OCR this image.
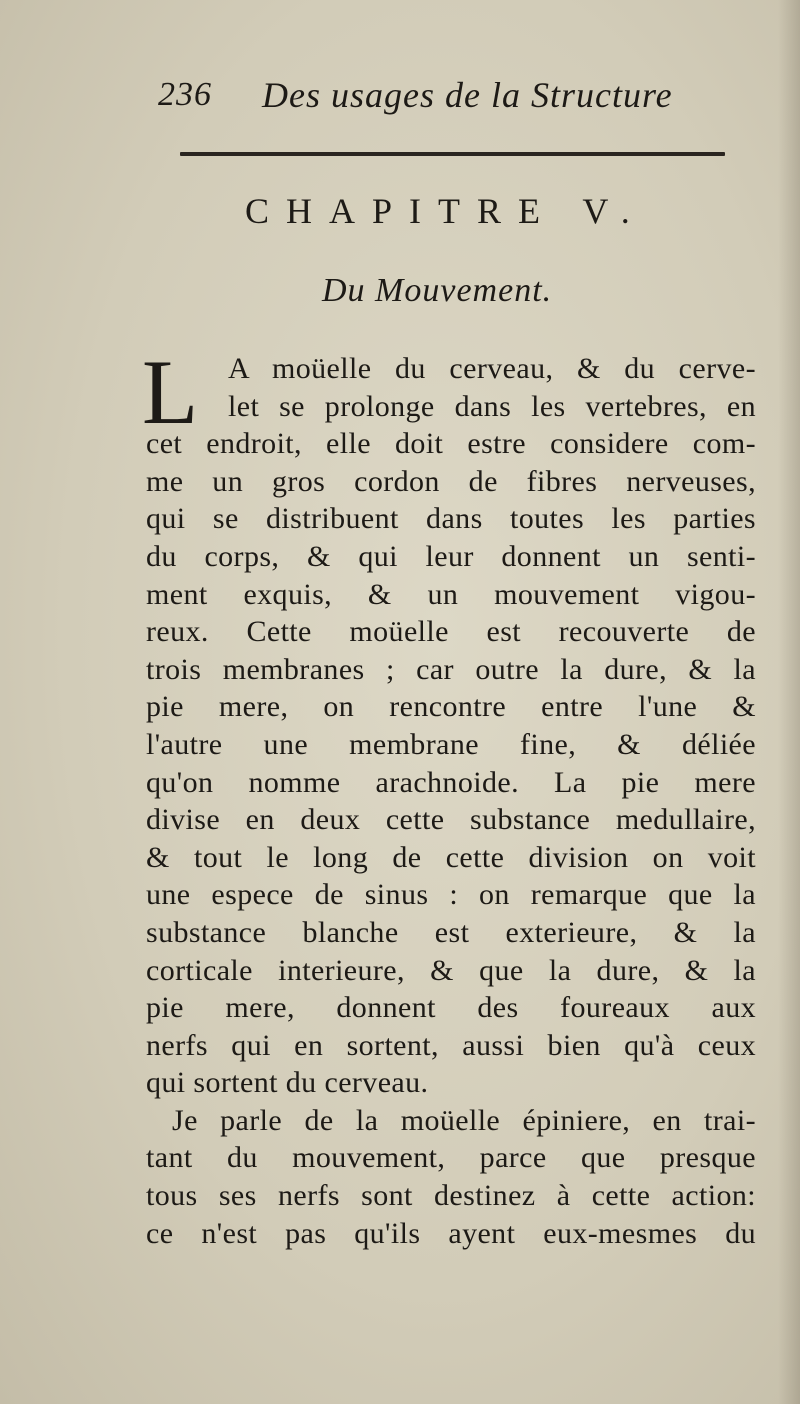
236 Des usages de la Structure
CHAPITRE V.
Du Mouvement.
L A moüelle du cerveau, & du cerve-
let se prolonge dans les vertebres, en
cet endroit, elle doit estre considere com-
me un gros cordon de fibres nerveuses,
qui se distribuent dans toutes les parties
du corps, & qui leur donnent un senti-
ment exquis, & un mouvement vigou-
reux. Cette moüelle est recouverte de
trois membranes ; car outre la dure, & la
pie mere, on rencontre entre l'une &
l'autre une membrane fine, & déliée
qu'on nomme arachnoide. La pie mere
divise en deux cette substance medullaire,
& tout le long de cette division on voit
une espece de sinus : on remarque que la
substance blanche est exterieure, & la
corticale interieure, & que la dure, & la
pie mere, donnent des foureaux aux
nerfs qui en sortent, aussi bien qu'à ceux
qui sortent du cerveau.
Je parle de la moüelle épiniere, en trai-
tant du mouvement, parce que presque
tous ses nerfs sont destinez à cette action:
ce n'est pas qu'ils ayent eux-mesmes du
